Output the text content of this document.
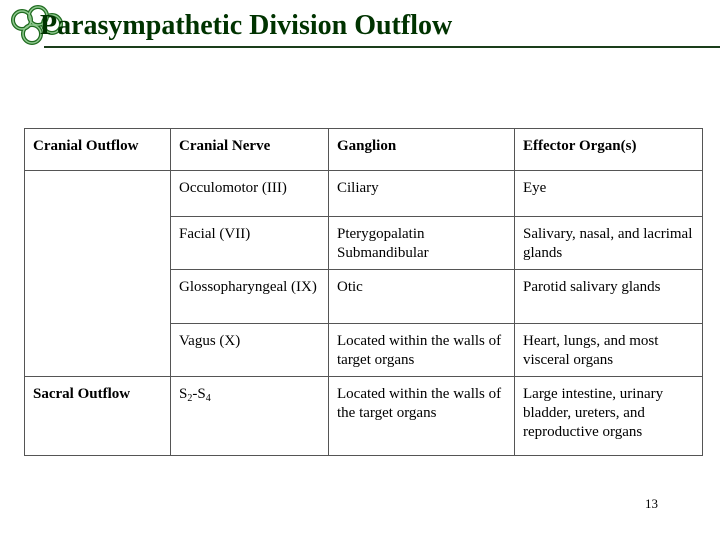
Parasympathetic Division Outflow
Cranial Outflow	Cranial Nerve	Ganglion	Effector Organ(s)
	Occulomotor (III)	Ciliary	Eye
	Facial (VII)	Pterygopalatin Submandibular	Salivary, nasal, and lacrimal glands
	Glossopharyngeal (IX)	Otic	Parotid salivary glands
	Vagus (X)	Located within the walls of target organs	Heart, lungs, and most visceral organs
Sacral Outflow	$S_2-S_4$	Located within the walls of the target organs	Large intestine, urinary bladder, ureters, and reproductive organs
13
